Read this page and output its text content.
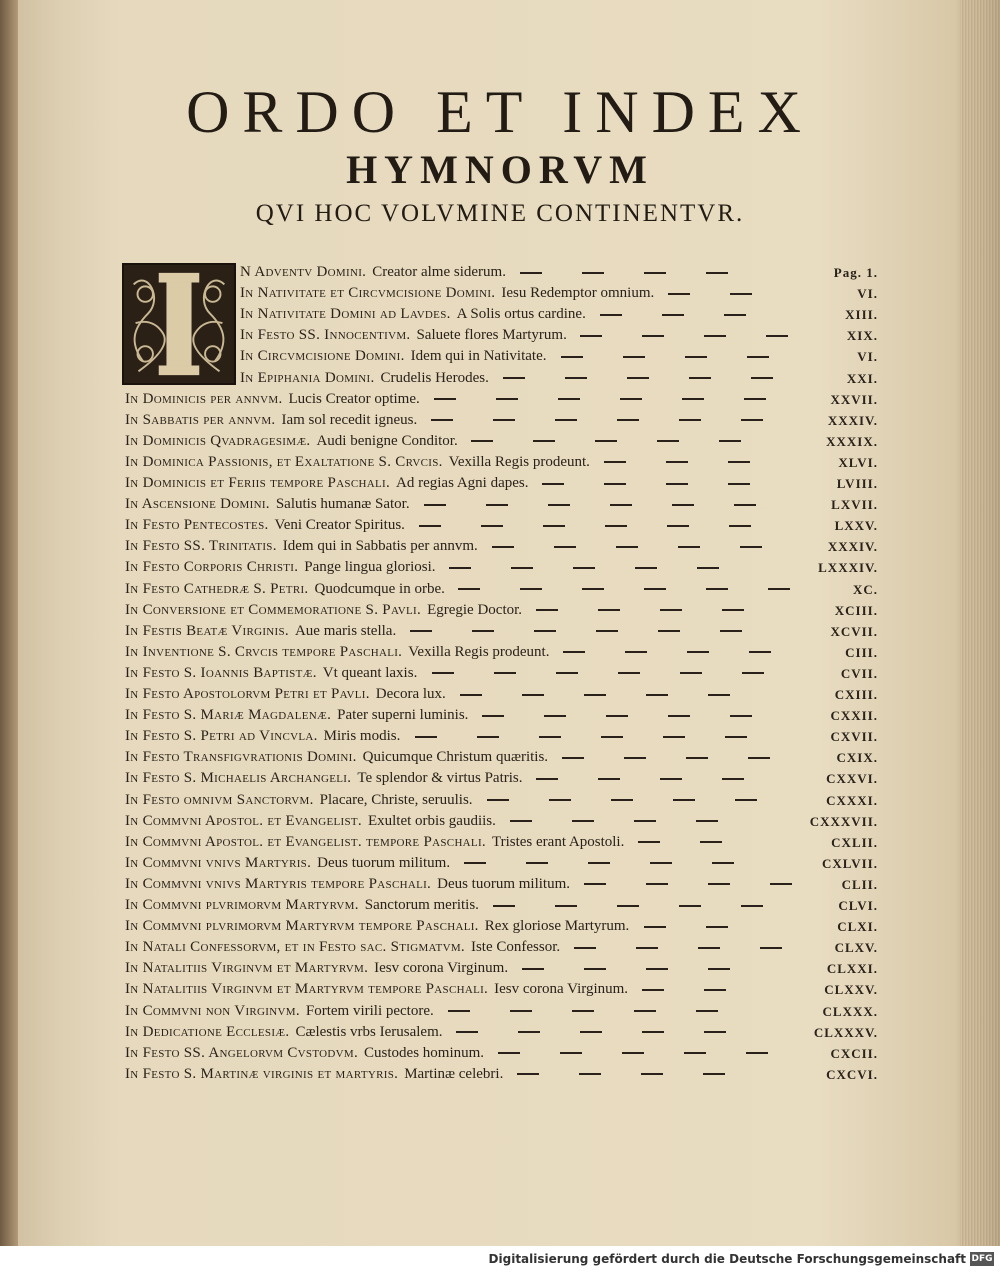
ORDO ET INDEX
HYMNORVM
QVI HOC VOLVMINE CONTINENTVR.
N Adventv Domini. Creator alme siderum.	Pag. 1.
In Nativitate et Circvmcisione Domini. Iesu Redemptor omnium.	VI.
In Nativitate Domini ad Lavdes. A Solis ortus cardine.	XIII.
In Festo SS. Innocentivm. Saluete flores Martyrum.	XIX.
In Circvmcisione Domini. Idem qui in Nativitate.	VI.
In Epiphania Domini. Crudelis Herodes.	XXI.
In Dominicis per annvm. Lucis Creator optime.	XXVII.
In Sabbatis per annvm. Iam sol recedit igneus.	XXXIV.
In Dominicis Qvadragesimæ. Audi benigne Conditor.	XXXIX.
In Dominica Passionis, et Exaltatione S. Crvcis. Vexilla Regis prodeunt.	XLVI.
In Dominicis et Feriis tempore Paschali. Ad regias Agni dapes.	LVIII.
In Ascensione Domini. Salutis humanæ Sator.	LXVII.
In Festo Pentecostes. Veni Creator Spiritus.	LXXV.
In Festo SS. Trinitatis. Idem qui in Sabbatis per annvm.	XXXIV.
In Festo Corporis Christi. Pange lingua gloriosi.	LXXXIV.
In Festo Cathedræ S. Petri. Quodcumque in orbe.	XC.
In Conversione et Commemoratione S. Pavli. Egregie Doctor.	XCIII.
In Festis Beatæ Virginis. Aue maris stella.	XCVII.
In Inventione S. Crvcis tempore Paschali. Vexilla Regis prodeunt.	CIII.
In Festo S. Ioannis Baptistæ. Vt queant laxis.	CVII.
In Festo Apostolorvm Petri et Pavli. Decora lux.	CXIII.
In Festo S. Mariæ Magdalenæ. Pater superni luminis.	CXXII.
In Festo S. Petri ad Vincvla. Miris modis.	CXVII.
In Festo Transfigvrationis Domini. Quicumque Christum quæritis.	CXIX.
In Festo S. Michaelis Archangeli. Te splendor & virtus Patris.	CXXVI.
In Festo omnivm Sanctorvm. Placare, Christe, seruulis.	CXXXI.
In Commvni Apostol. et Evangelist. Exultet orbis gaudiis.	CXXXVII.
In Commvni Apostol. et Evangelist. tempore Paschali. Tristes erant Apostoli.	CXLII.
In Commvni vnivs Martyris. Deus tuorum militum.	CXLVII.
In Commvni vnivs Martyris tempore Paschali. Deus tuorum militum.	CLII.
In Commvni plvrimorvm Martyrvm. Sanctorum meritis.	CLVI.
In Commvni plvrimorvm Martyrvm tempore Paschali. Rex gloriose Martyrum.	CLXI.
In Natali Confessorvm, et in Festo sac. Stigmatvm. Iste Confessor.	CLXV.
In Natalitiis Virginvm et Martyrvm. Iesv corona Virginum.	CLXXI.
In Natalitiis Virginvm et Martyrvm tempore Paschali. Iesv corona Virginum.	CLXXV.
In Commvni non Virginvm. Fortem virili pectore.	CLXXX.
In Dedicatione Ecclesiæ. Cælestis vrbs Ierusalem.	CLXXXV.
In Festo SS. Angelorvm Cvstodvm. Custodes hominum.	CXCII.
In Festo S. Martinæ virginis et martyris. Martinæ celebri.	CXCVI.
Digitalisierung gefördert durch die Deutsche Forschungsgemeinschaft DFG
